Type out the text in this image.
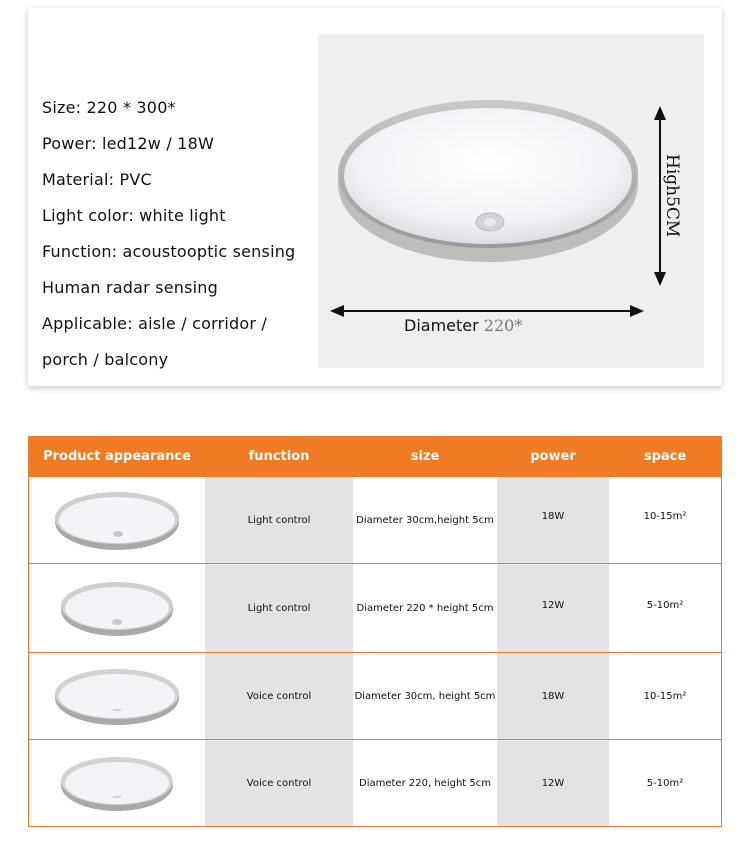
Size: 220 * 300*
Power: led12w / 18W
Material: PVC
Light color: white light
Function: acoustooptic sensing
Human radar sensing
Applicable: aisle / corridor /
porch / balcony
High5CM
Diameter 220*
Product appearance	function	size	power	space
Light control	Diameter 30cm,height 5cm	18W	10-15m²
Light control	Diameter 220 * height 5cm	12W	5-10m²
Voice control	Diameter 30cm, height 5cm	18W	10-15m²
Voice control	Diameter 220, height 5cm	12W	5-10m²
